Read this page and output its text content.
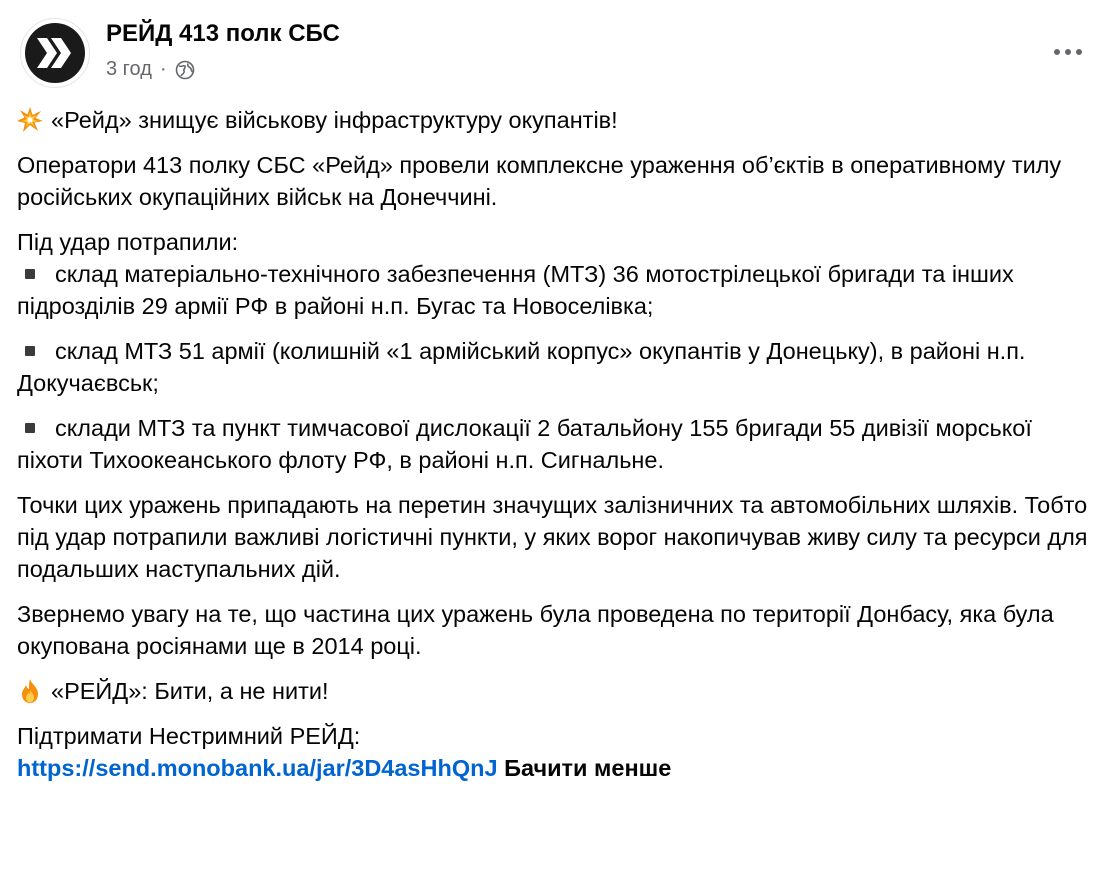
РЕЙД 413 полк СБС
3 год ·

«Рейд» знищує військову інфраструктуру окупантів!

Оператори 413 полку СБС «Рейд» провели комплексне ураження об’єктів в оперативному тилу російських окупаційних військ на Донеччині.

Під удар потрапили:

склад матеріально-технічного забезпечення (МТЗ) 36 мотострілецької бригади та інших підрозділів 29 армії РФ в районі н.п. Бугас та Новоселівка;

склад МТЗ 51 армії (колишній «1 армійський корпус» окупантів у Донецьку), в районі н.п. Докучаєвськ;

склади МТЗ та пункт тимчасової дислокації 2 батальйону 155 бригади 55 дивізії морської піхоти Тихоокеанського флоту РФ, в районі н.п. Сигнальне.

Точки цих уражень припадають на перетин значущих залізничних та автомобільних шляхів. Тобто під удар потрапили важливі логістичні пункти, у яких ворог накопичував живу силу та ресурси для подальших наступальних дій.

Звернемо увагу на те, що частина цих уражень була проведена по території Донбасу, яка була окупована росіянами ще в 2014 році.

«РЕЙД»: Бити, а не нити!

Підтримати Нестримний РЕЙД:
https://send.monobank.ua/jar/3D4asHhQnJ Бачити менше
